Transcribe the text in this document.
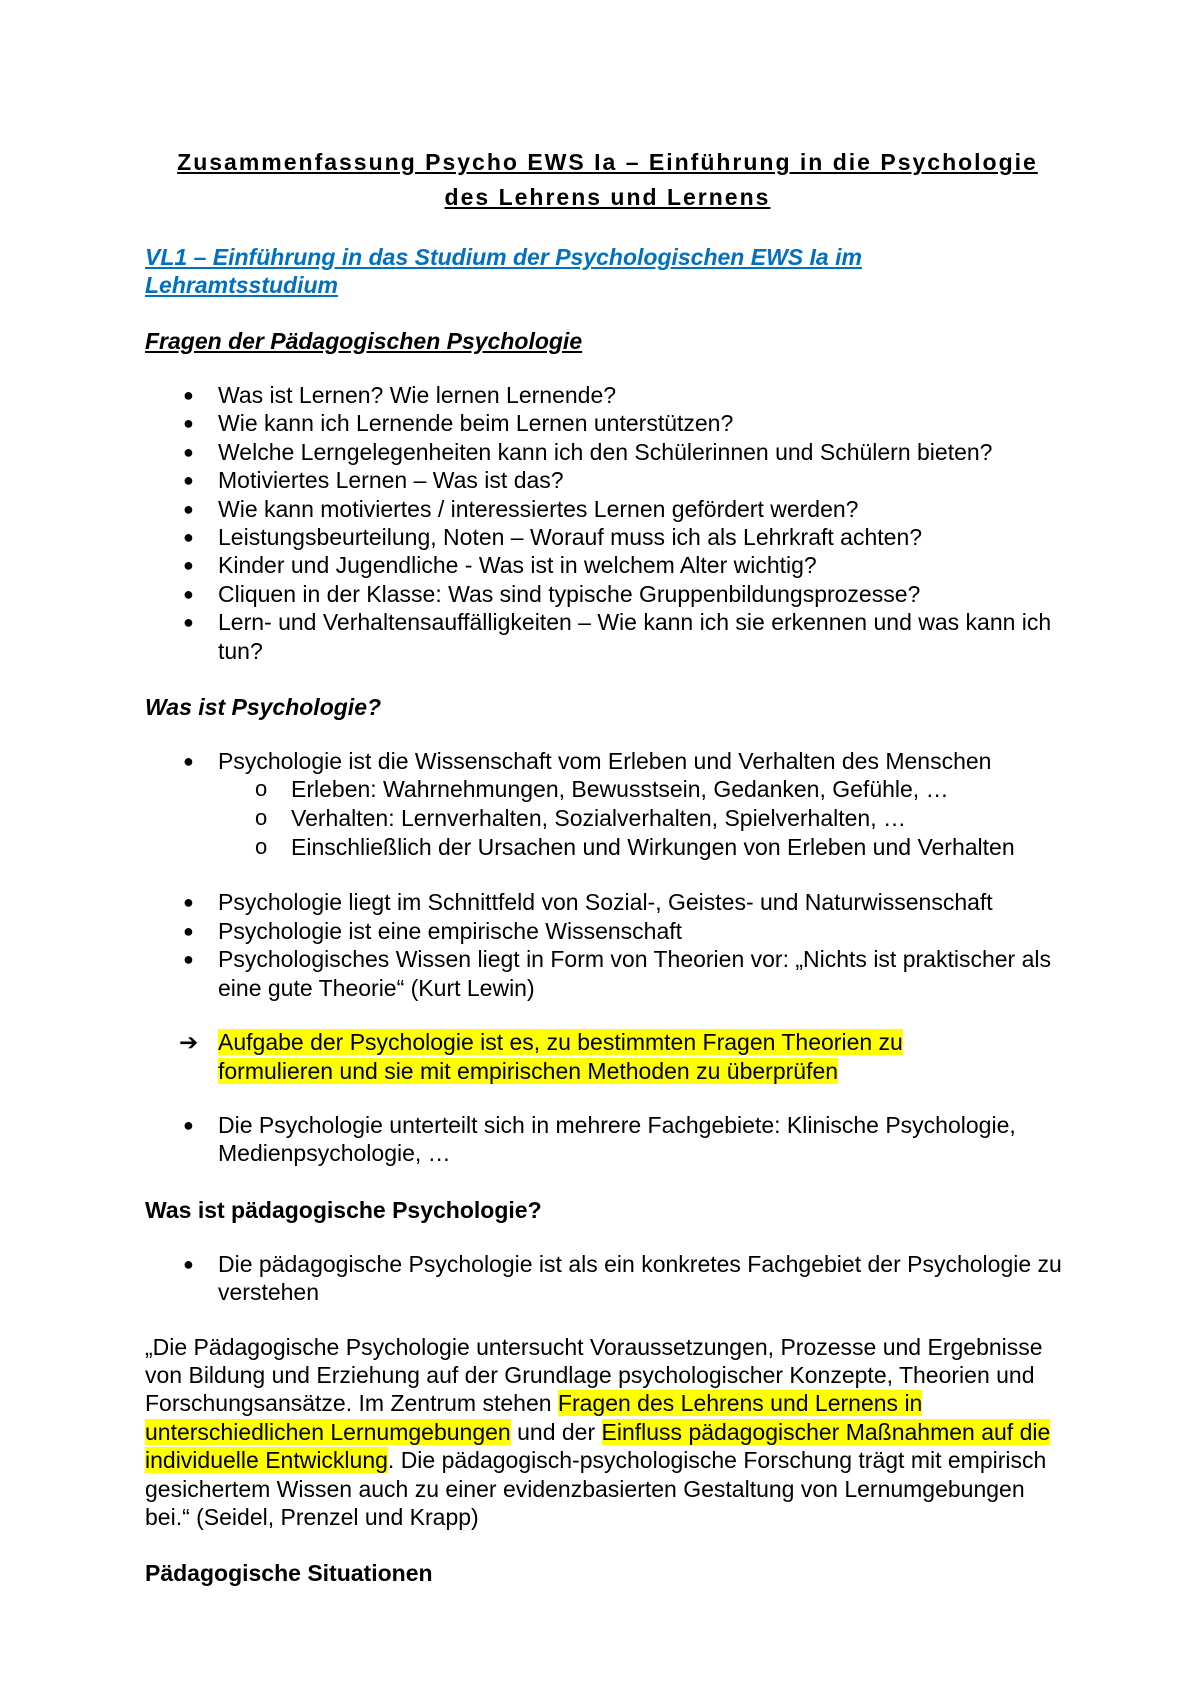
Zusammenfassung Psycho EWS Ia – Einführung in die Psychologie
des Lehrens und Lernens

VL1 – Einführung in das Studium der Psychologischen EWS Ia im
Lehramtsstudium

Fragen der Pädagogischen Psychologie

● Was ist Lernen? Wie lernen Lernende?
● Wie kann ich Lernende beim Lernen unterstützen?
● Welche Lerngelegenheiten kann ich den Schülerinnen und Schülern bieten?
● Motiviertes Lernen – Was ist das?
● Wie kann motiviertes / interessiertes Lernen gefördert werden?
● Leistungsbeurteilung, Noten – Worauf muss ich als Lehrkraft achten?
● Kinder und Jugendliche - Was ist in welchem Alter wichtig?
● Cliquen in der Klasse: Was sind typische Gruppenbildungsprozesse?
● Lern- und Verhaltensauffälligkeiten – Wie kann ich sie erkennen und was kann ich tun?

Was ist Psychologie?

● Psychologie ist die Wissenschaft vom Erleben und Verhalten des Menschen
o Erleben: Wahrnehmungen, Bewusstsein, Gedanken, Gefühle, …
o Verhalten: Lernverhalten, Sozialverhalten, Spielverhalten, …
o Einschließlich der Ursachen und Wirkungen von Erleben und Verhalten
● Psychologie liegt im Schnittfeld von Sozial-, Geistes- und Naturwissenschaft
● Psychologie ist eine empirische Wissenschaft
● Psychologisches Wissen liegt in Form von Theorien vor: „Nichts ist praktischer als eine gute Theorie“ (Kurt Lewin)
➔ Aufgabe der Psychologie ist es, zu bestimmten Fragen Theorien zu
formulieren und sie mit empirischen Methoden zu überprüfen
● Die Psychologie unterteilt sich in mehrere Fachgebiete: Klinische Psychologie, Medienpsychologie, …

Was ist pädagogische Psychologie?

● Die pädagogische Psychologie ist als ein konkretes Fachgebiet der Psychologie zu verstehen

„Die Pädagogische Psychologie untersucht Voraussetzungen, Prozesse und Ergebnisse von Bildung und Erziehung auf der Grundlage psychologischer Konzepte, Theorien und Forschungsansätze. Im Zentrum stehen Fragen des Lehrens und Lernens in unterschiedlichen Lernumgebungen und der Einfluss pädagogischer Maßnahmen auf die individuelle Entwicklung. Die pädagogisch-psychologische Forschung trägt mit empirisch gesichertem Wissen auch zu einer evidenzbasierten Gestaltung von Lernumgebungen bei.“ (Seidel, Prenzel und Krapp)

Pädagogische Situationen
